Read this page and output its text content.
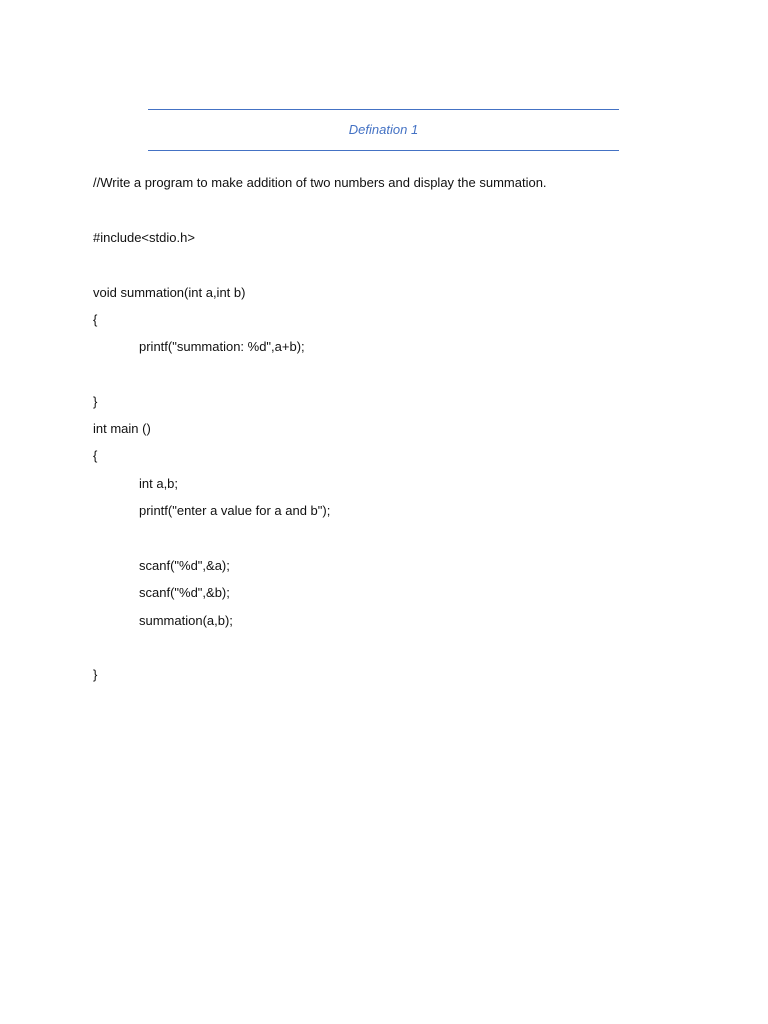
Defination 1
//Write a program to make addition of two numbers and display the summation.
#include<stdio.h>
void summation(int a,int b)
{
printf("summation: %d",a+b);
}
int main ()
{
int a,b;
printf("enter a value for a and b");
scanf("%d",&a);
scanf("%d",&b);
summation(a,b);
}
